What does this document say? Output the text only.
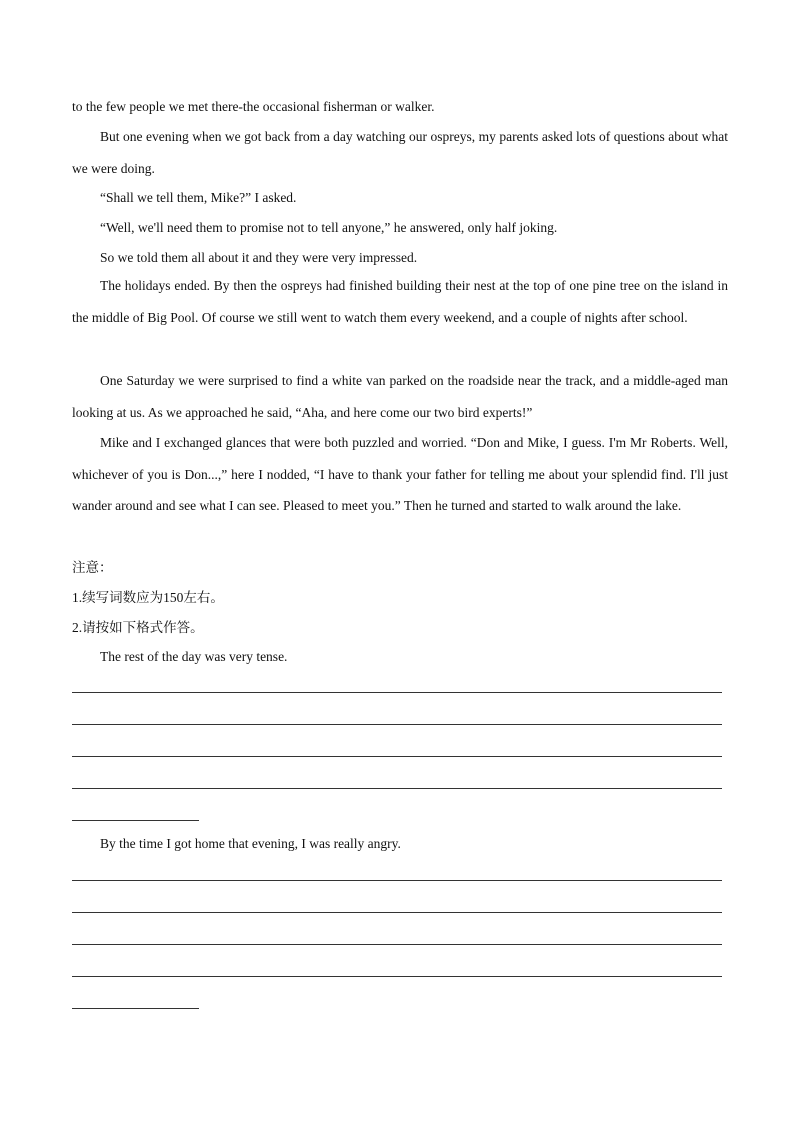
to the few people we met there-the occasional fisherman or walker.

But one evening when we got back from a day watching our ospreys, my parents asked lots of questions about what we were doing.

“Shall we tell them, Mike?” I asked.

“Well, we'll need them to promise not to tell anyone,” he answered, only half joking.

So we told them all about it and they were very impressed.

The holidays ended. By then the ospreys had finished building their nest at the top of one pine tree on the island in the middle of Big Pool. Of course we still went to watch them every weekend, and a couple of nights after school.

One Saturday we were surprised to find a white van parked on the roadside near the track, and a middle-aged man looking at us. As we approached he said, “Aha, and here come our two bird experts!”

Mike and I exchanged glances that were both puzzled and worried. “Don and Mike, I guess. I'm Mr Roberts. Well, whichever of you is Don...,” here I nodded, “I have to thank your father for telling me about your splendid find. I'll just wander around and see what I can see. Pleased to meet you.” Then he turned and started to walk around the lake.

注意：

1.续写词数应为150左右。

2.请按如下格式作答。

The rest of the day was very tense.

By the time I got home that evening, I was really angry.
